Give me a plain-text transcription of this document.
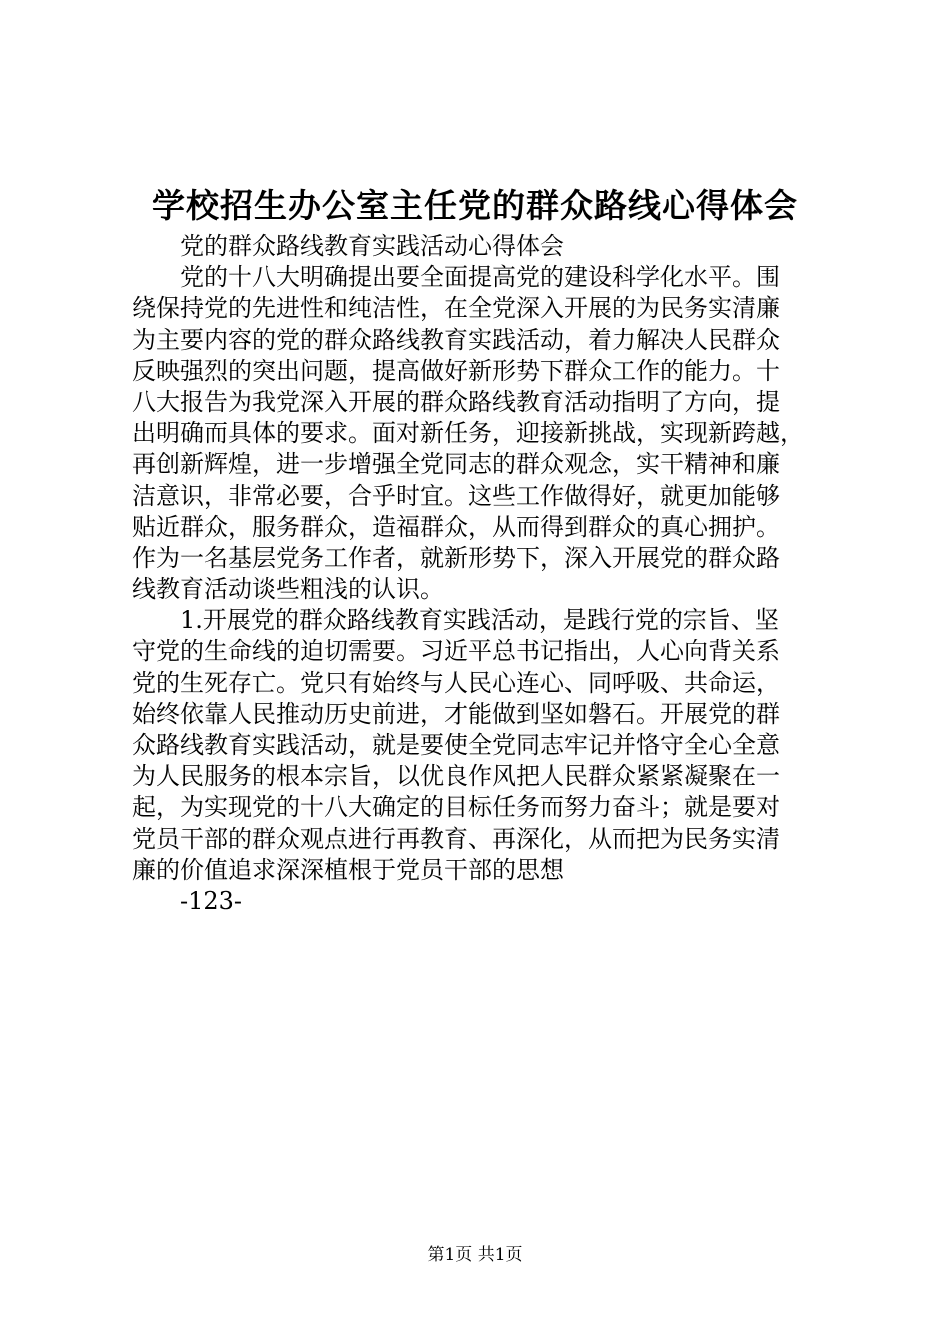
学校招生办公室主任党的群众路线心得体会
党的群众路线教育实践活动心得体会
党的十八大明确提出要全面提高党的建设科学化水平。围
绕保持党的先进性和纯洁性，在全党深入开展的为民务实清廉
为主要内容的党的群众路线教育实践活动，着力解决人民群众
反映强烈的突出问题，提高做好新形势下群众工作的能力。十
八大报告为我党深入开展的群众路线教育活动指明了方向，提
出明确而具体的要求。面对新任务，迎接新挑战，实现新跨越，
再创新辉煌，进一步增强全党同志的群众观念，实干精神和廉
洁意识，非常必要，合乎时宜。这些工作做得好，就更加能够
贴近群众，服务群众，造福群众，从而得到群众的真心拥护。
作为一名基层党务工作者，就新形势下，深入开展党的群众路
线教育活动谈些粗浅的认识。
1.开展党的群众路线教育实践活动，是践行党的宗旨、坚
守党的生命线的迫切需要。习近平总书记指出，人心向背关系
党的生死存亡。党只有始终与人民心连心、同呼吸、共命运，
始终依靠人民推动历史前进，才能做到坚如磐石。开展党的群
众路线教育实践活动，就是要使全党同志牢记并恪守全心全意
为人民服务的根本宗旨，以优良作风把人民群众紧紧凝聚在一
起，为实现党的十八大确定的目标任务而努力奋斗；就是要对
党员干部的群众观点进行再教育、再深化，从而把为民务实清
廉的价值追求深深植根于党员干部的思想
-123-
第1页 共1页
